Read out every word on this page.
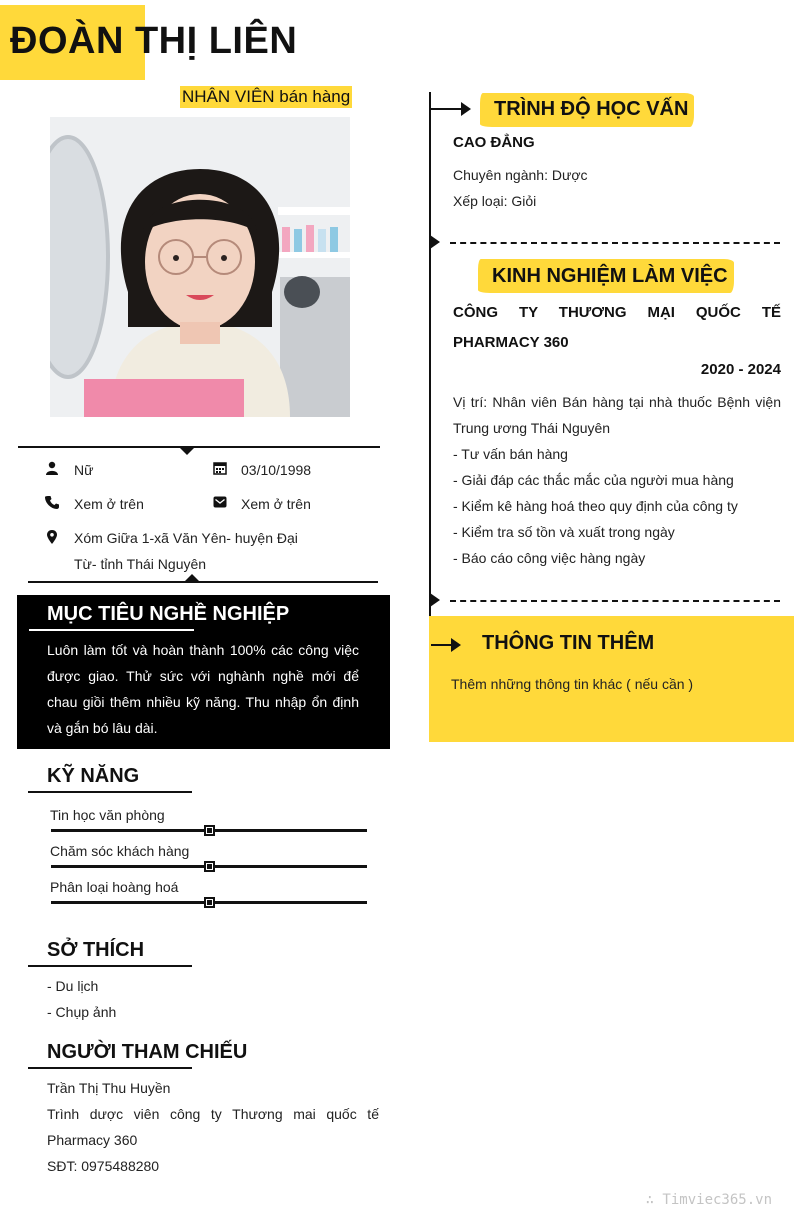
ĐOÀN THỊ LIÊN
NHÂN VIÊN bán hàng
Nữ	03/10/1998
Xem ở trên	Xem ở trên
Xóm Giữa 1-xã Văn Yên- huyện Đại Từ- tỉnh Thái Nguyên
MỤC TIÊU NGHỀ NGHIỆP
Luôn làm tốt và hoàn thành 100% các công việc được giao. Thử sức với nghành nghề mới để chau giồi thêm nhiều kỹ năng. Thu nhập ổn định và gắn bó lâu dài.
KỸ NĂNG
Tin học văn phòng
Chăm sóc khách hàng
Phân loại hoàng hoá
SỞ THÍCH
- Du lịch
- Chụp ảnh
NGƯỜI THAM CHIẾU
Trần Thị Thu Huyền
Trình dược viên công ty Thương mai quốc tế Pharmacy 360
SĐT: 0975488280
TRÌNH ĐỘ HỌC VẤN
CAO ĐẲNG
Chuyên ngành: Dược
Xếp loại: Giỏi
KINH NGHIỆM LÀM VIỆC
CÔNG TY THƯƠNG MẠI QUỐC TẾ PHARMACY 360
2020 - 2024
Vị trí: Nhân viên Bán hàng tại nhà thuốc Bệnh viện Trung ương Thái Nguyên
- Tư vấn bán hàng
- Giải đáp các thắc mắc của người mua hàng
- Kiểm kê hàng hoá theo quy định của công ty
- Kiểm tra số tồn và xuất trong ngày
- Báo cáo công việc hàng ngày
THÔNG TIN THÊM
Thêm những thông tin khác ( nếu cần )
∴ Timviec365.vn
